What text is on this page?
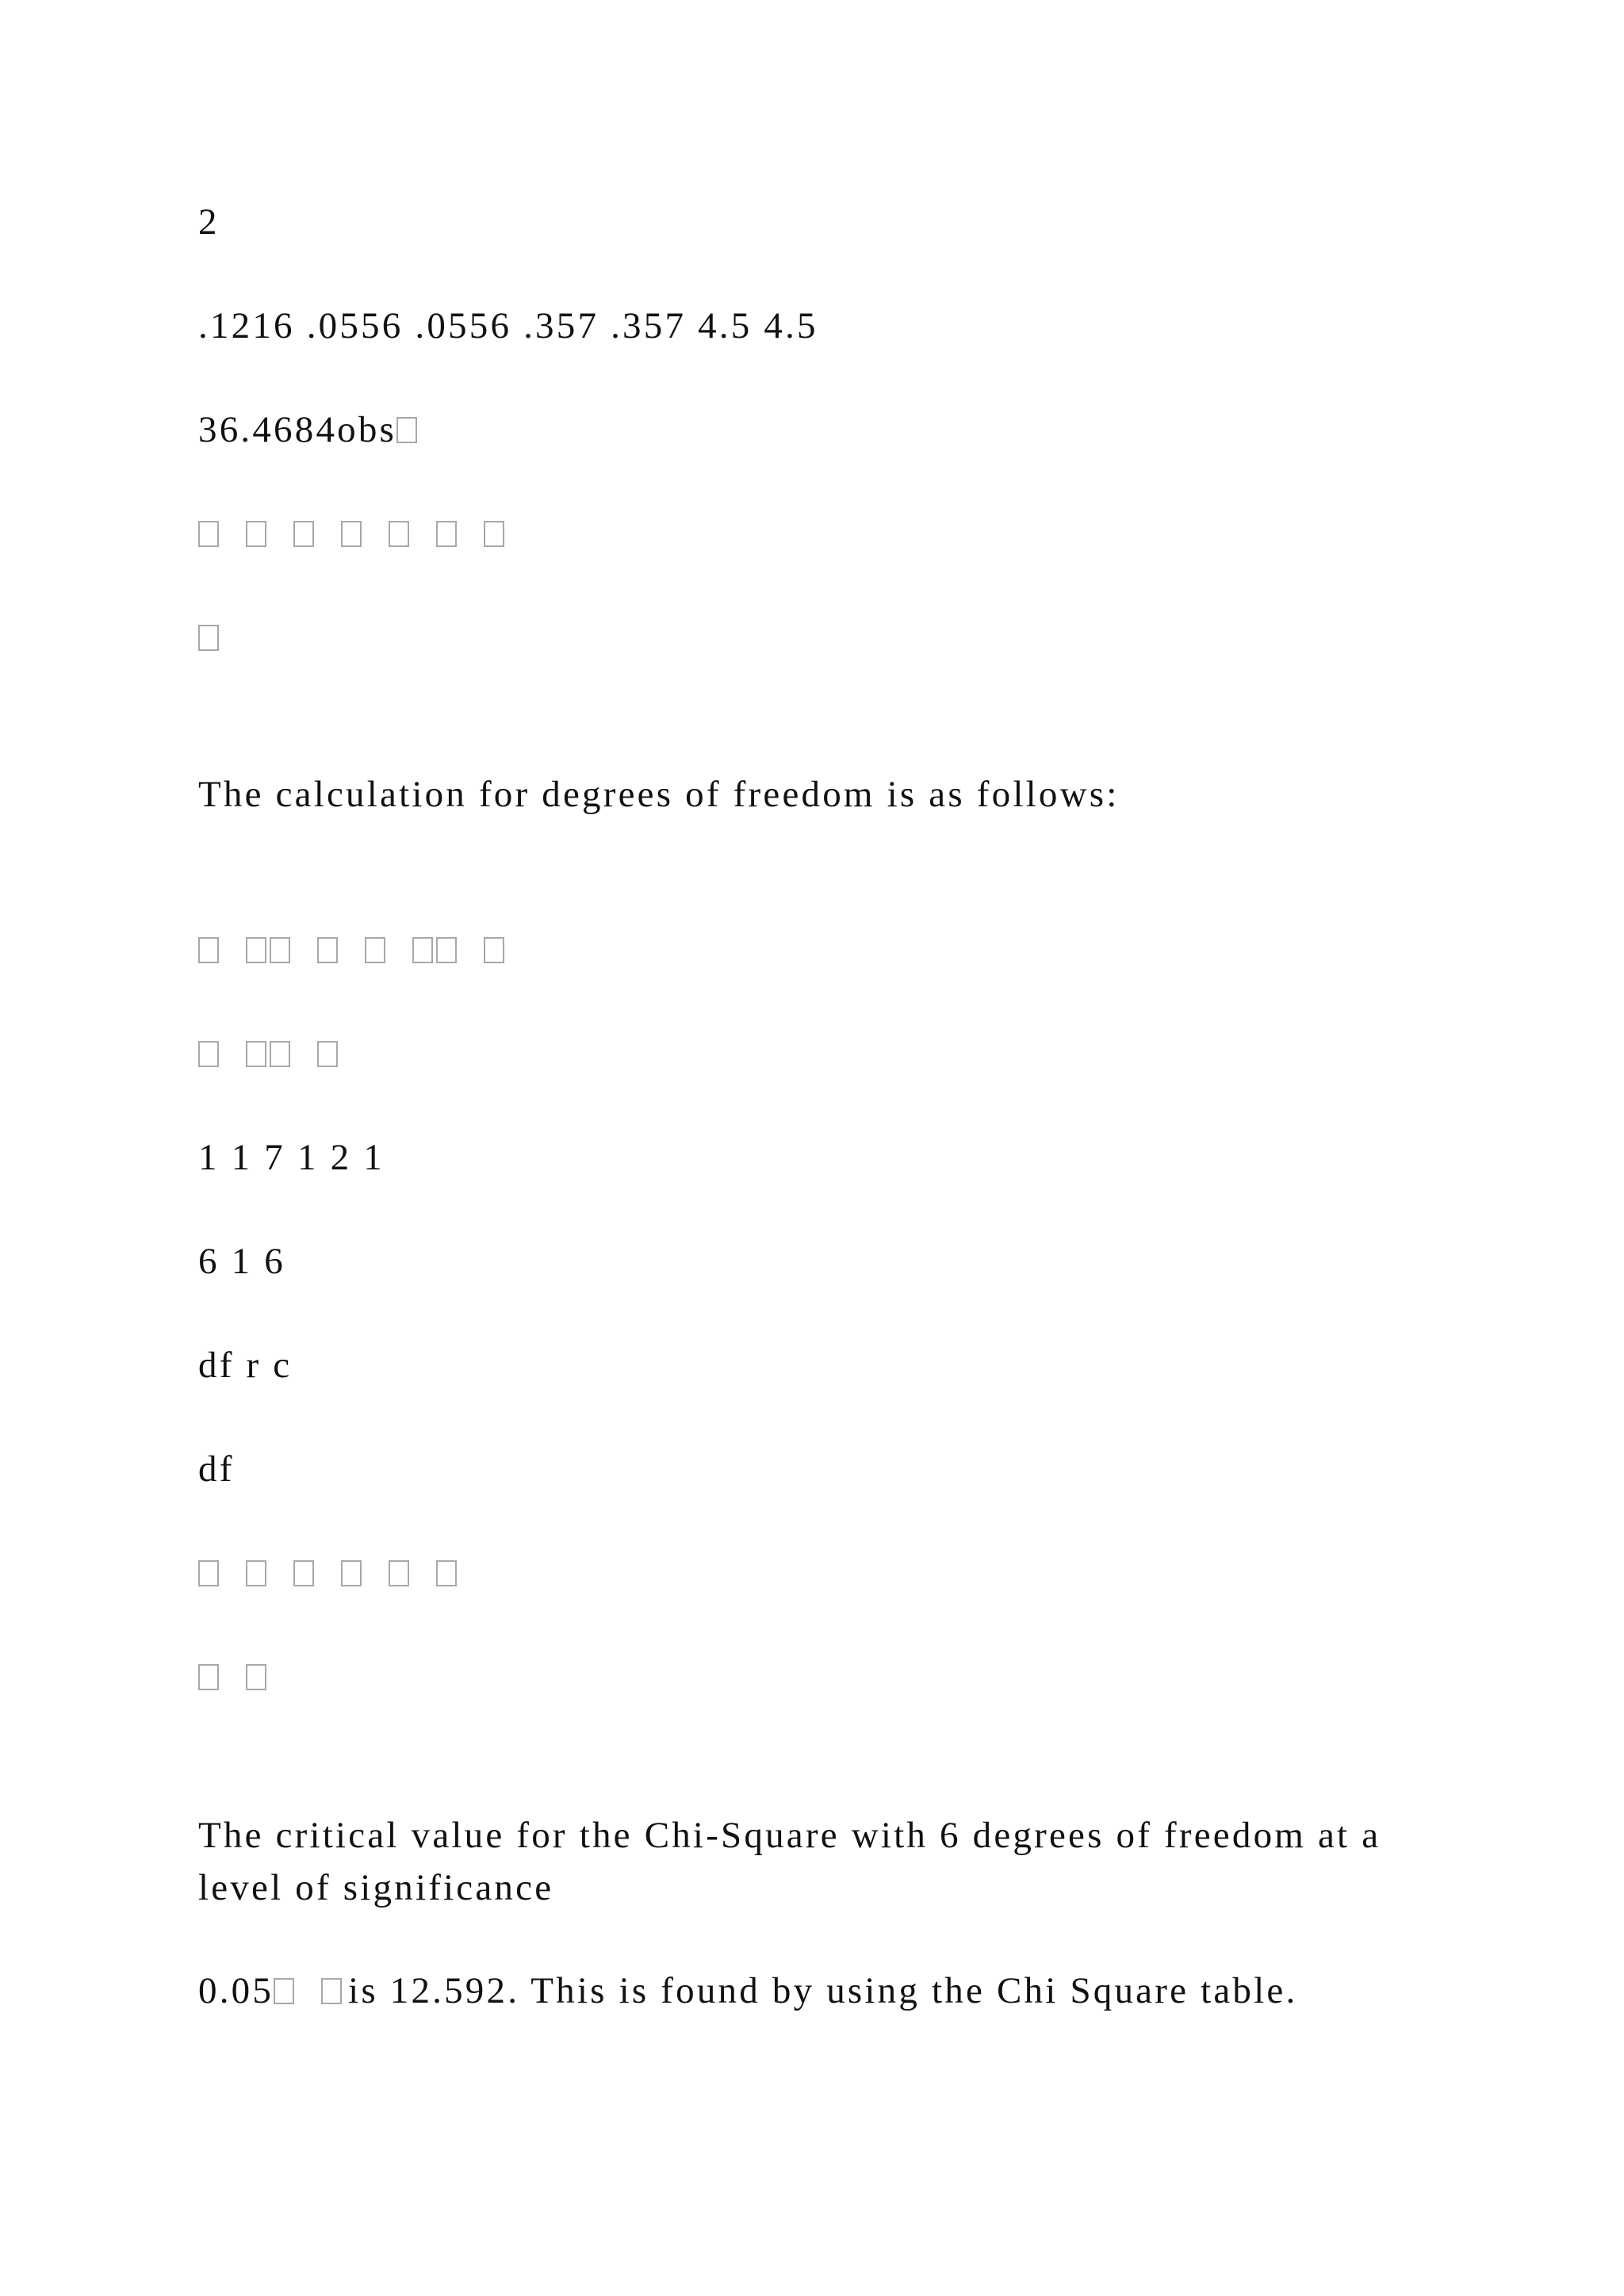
2
.1216 .0556 .0556 .357 .357 4.5 4.5
36.4684obs
The calculation for degrees of freedom is as follows:
1 1 7 1 2 1
6 1 6
df r c
df
The critical value for the Chi-Square with 6 degrees of freedom at a level of significance
0.05 is 12.592. This is found by using the Chi Square table.
